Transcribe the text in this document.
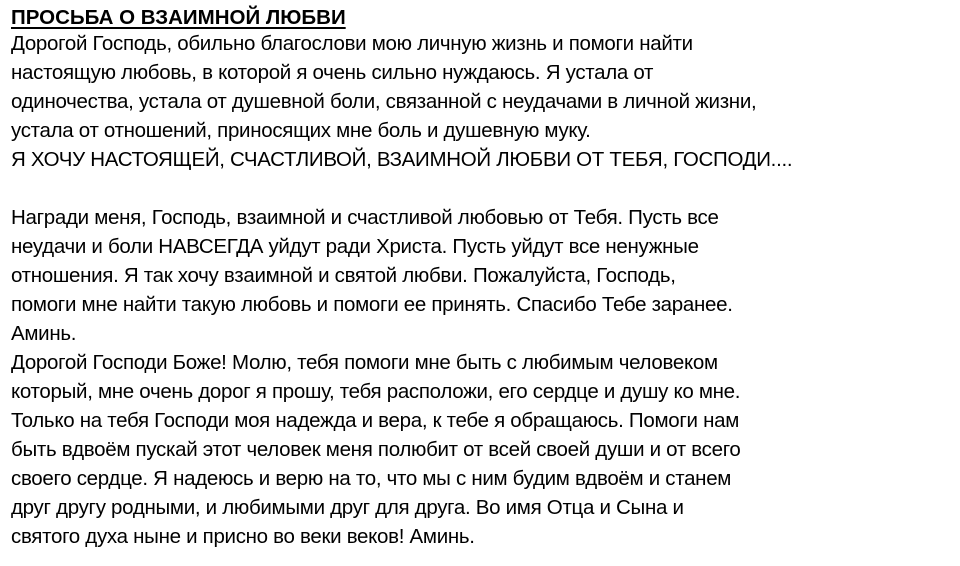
ПРОСЬБА О ВЗАИМНОЙ ЛЮБВИ
Дорогой Господь, обильно благослови мою личную жизнь и помоги найти
настоящую любовь, в которой я очень сильно нуждаюсь. Я устала от
одиночества, устала от душевной боли, связанной с неудачами в личной жизни,
устала от отношений, приносящих мне боль и душевную муку.
Я ХОЧУ НАСТОЯЩЕЙ, СЧАСТЛИВОЙ, ВЗАИМНОЙ ЛЮБВИ ОТ ТЕБЯ, ГОСПОДИ....
Награди меня, Господь, взаимной и счастливой любовью от Тебя. Пусть все
неудачи и боли НАВСЕГДА уйдут ради Христа. Пусть уйдут все ненужные
отношения. Я так хочу взаимной и святой любви. Пожалуйста, Господь,
помоги мне найти такую любовь и помоги ее принять. Спасибо Тебе заранее.
Аминь.
Дорогой Господи Боже! Молю, тебя помоги мне быть с любимым человеком
который, мне очень дорог я прошу, тебя расположи, его сердце и душу ко мне.
Только на тебя Господи моя надежда и вера, к тебе я обращаюсь. Помоги нам
быть вдвоём пускай этот человек меня полюбит от всей своей души и от всего
своего сердце. Я надеюсь и верю на то, что мы с ним будим вдвоём и станем
друг другу родными, и любимыми друг для друга. Во имя Отца и Сына и
святого духа ныне и присно во веки веков! Аминь.
